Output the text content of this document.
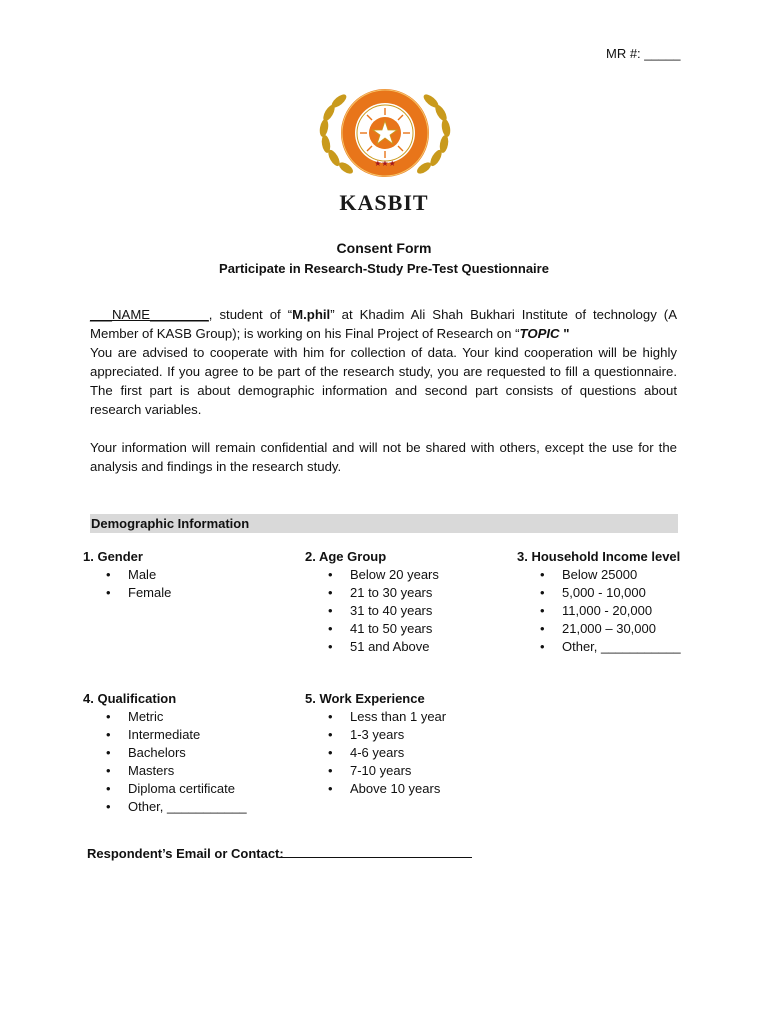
MR #: _____
★★★
KASBIT
Consent Form
Participate in Research-Study Pre-Test Questionnaire
___NAME________, student of “M.phil” at Khadim Ali Shah Bukhari Institute of technology (A Member of KASB Group); is working on his Final Project of Research on “TOPIC "
You are advised to cooperate with him for collection of data. Your kind cooperation will be highly appreciated. If you agree to be part of the research study, you are requested to fill a questionnaire. The first part is about demographic information and second part consists of questions about research variables.
Your information will remain confidential and will not be shared with others, except the use for the analysis and findings in the research study.
Demographic Information
1. Gender
• Male
• Female
2. Age Group
• Below 20 years
• 21 to 30 years
• 31 to 40 years
• 41 to 50 years
• 51 and Above
3. Household Income level
• Below 25000
• 5,000 - 10,000
• 11,000 - 20,000
• 21,000 – 30,000
• Other, ___________
4. Qualification
• Metric
• Intermediate
• Bachelors
• Masters
• Diploma certificate
• Other, ___________
5. Work Experience
• Less than 1 year
• 1-3 years
• 4-6 years
• 7-10 years
• Above 10 years
Respondent’s Email or Contact:
